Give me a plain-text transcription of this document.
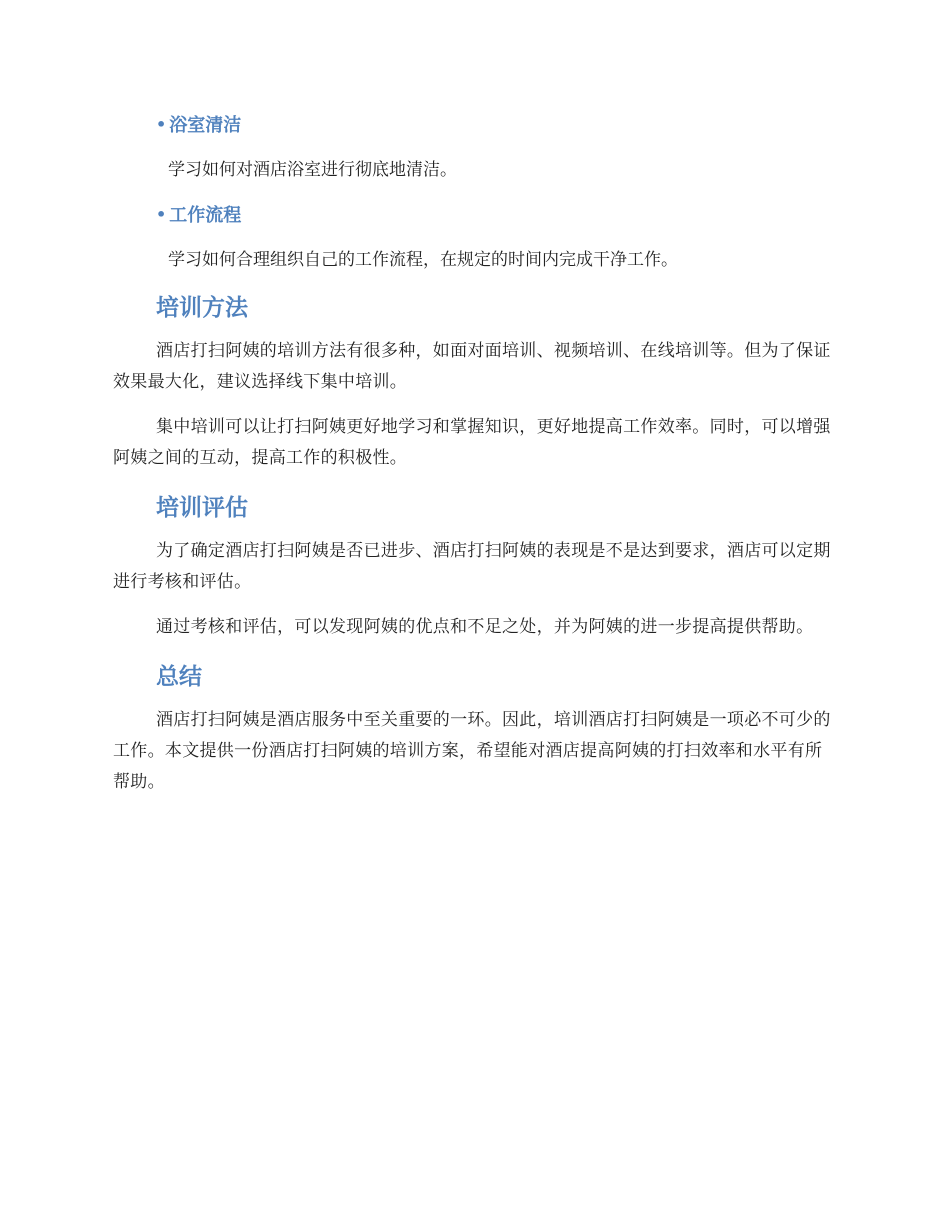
• 浴室清洁
学习如何对酒店浴室进行彻底地清洁。
• 工作流程
学习如何合理组织自己的工作流程，在规定的时间内完成干净工作。
培训方法

酒店打扫阿姨的培训方法有很多种，如面对面培训、视频培训、在线培训等。但为了保证效果最大化，建议选择线下集中培训。

集中培训可以让打扫阿姨更好地学习和掌握知识，更好地提高工作效率。同时，可以增强阿姨之间的互动，提高工作的积极性。

培训评估

为了确定酒店打扫阿姨是否已进步、酒店打扫阿姨的表现是不是达到要求，酒店可以定期进行考核和评估。

通过考核和评估，可以发现阿姨的优点和不足之处，并为阿姨的进一步提高提供帮助。

总结

酒店打扫阿姨是酒店服务中至关重要的一环。因此，培训酒店打扫阿姨是一项必不可少的工作。本文提供一份酒店打扫阿姨的培训方案，希望能对酒店提高阿姨的打扫效率和水平有所帮助。
